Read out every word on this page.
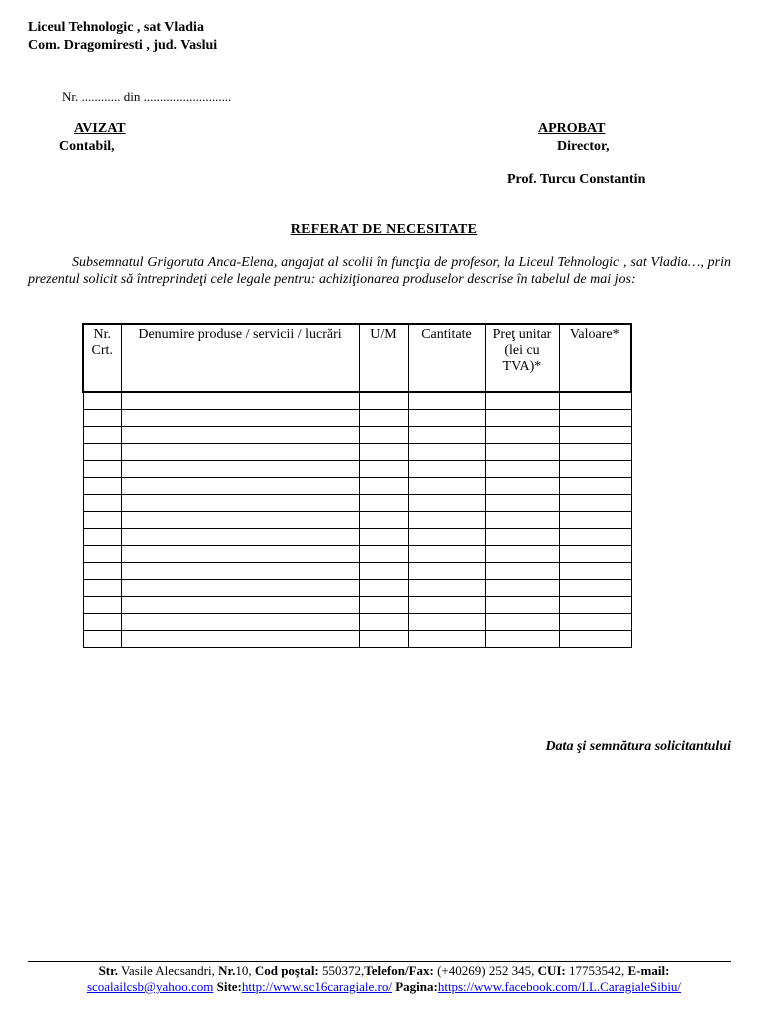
Liceul Tehnologic , sat Vladia
Com. Dragomiresti , jud. Vaslui
Nr. ............ din ...........................
AVIZAT
Contabil,
APROBAT
Director,
Prof. Turcu Constantin
REFERAT DE NECESITATE
Subsemnatul Grigoruta Anca-Elena, angajat al scolii în funcţia de profesor, la Liceul Tehnologic , sat Vladia…, prin prezentul solicit să întreprindeţi cele legale pentru: achiziţionarea produselor descrise în tabelul de mai jos:
Nr. Crt.	Denumire produse / servicii / lucrări	U/M	Cantitate	Preţ unitar (lei cu TVA)*	Valoare*

Data şi semnătura solicitantului
Str. Vasile Alecsandri, Nr.10, Cod poştal: 550372,Telefon/Fax: (+40269) 252 345, CUI: 17753542, E-mail:
scoalailcsb@yahoo.com Site:http://www.sc16caragiale.ro/ Pagina:https://www.facebook.com/I.L.CaragialeSibiu/
